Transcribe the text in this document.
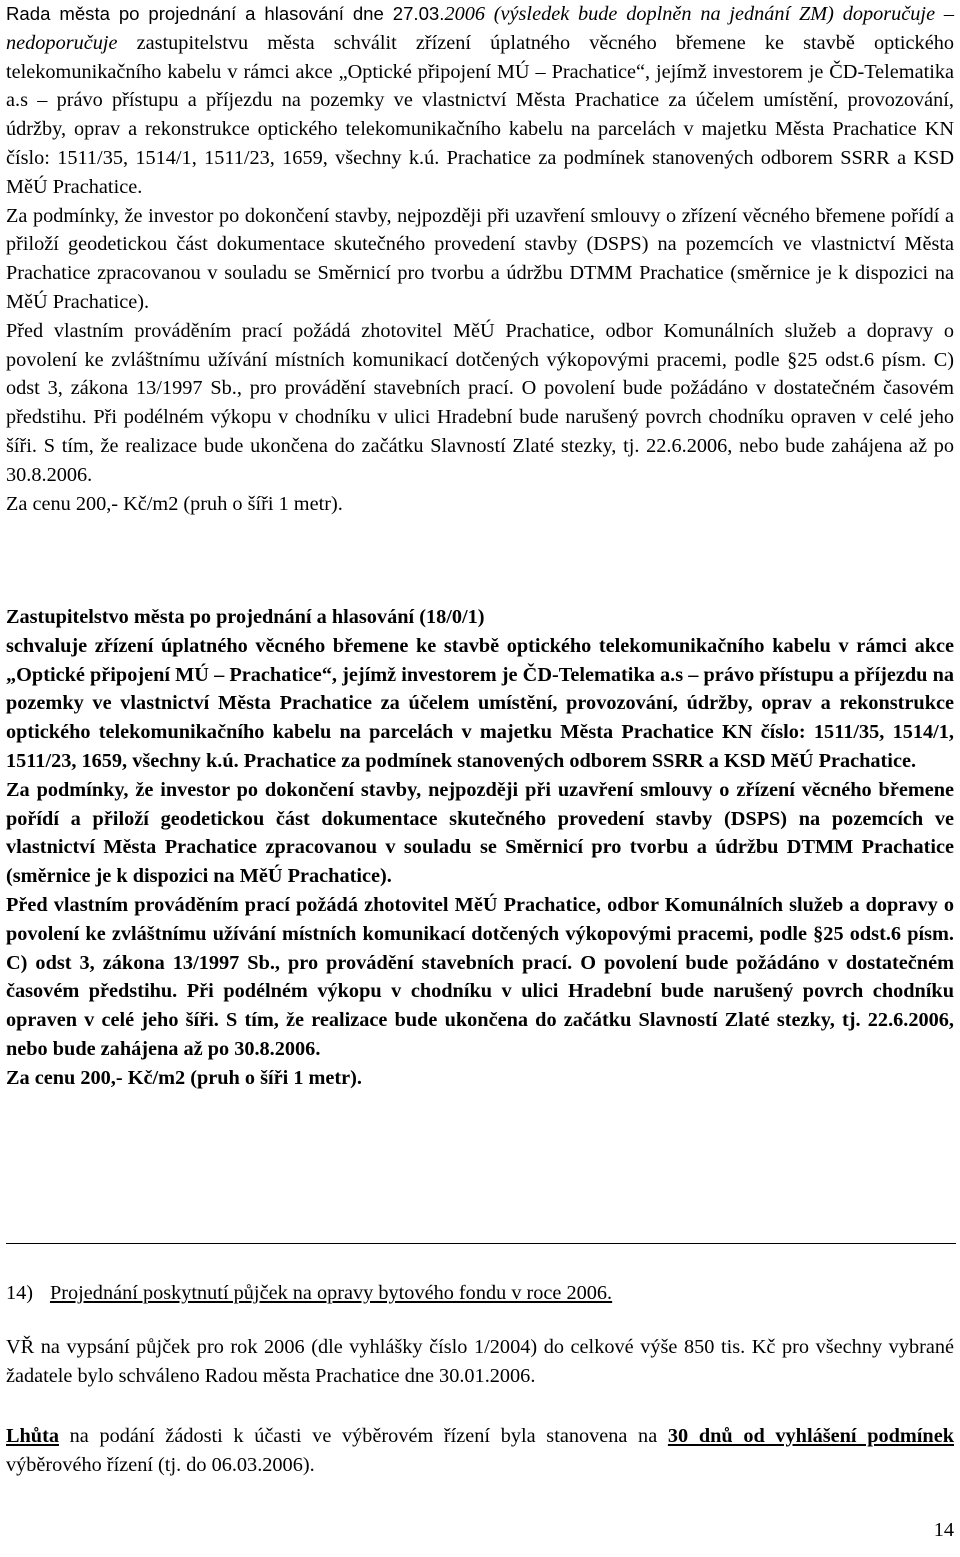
Rada města po projednání a hlasování dne 27.03.2006 (výsledek bude doplněn na jednání ZM) doporučuje – nedoporučuje zastupitelstvu města schválit zřízení úplatného věcného břemene ke stavbě optického telekomunikačního kabelu v rámci akce „Optické připojení MÚ – Prachatice“, jejímž investorem je ČD-Telematika a.s – právo přístupu a příjezdu na pozemky ve vlastnictví Města Prachatice za účelem umístění, provozování, údržby, oprav a rekonstrukce optického telekomunikačního kabelu na parcelách v majetku Města Prachatice KN číslo: 1511/35, 1514/1, 1511/23, 1659, všechny k.ú. Prachatice za podmínek stanovených odborem SSRR a KSD MěÚ Prachatice.

Za podmínky, že investor po dokončení stavby, nejpozději při uzavření smlouvy o zřízení věcného břemene pořídí a přiloží geodetickou část dokumentace skutečného provedení stavby (DSPS) na pozemcích ve vlastnictví Města Prachatice zpracovanou v souladu se Směrnicí pro tvorbu a údržbu DTMM Prachatice (směrnice je k dispozici na MěÚ Prachatice).

Před vlastním prováděním prací požádá zhotovitel MěÚ Prachatice, odbor Komunálních služeb a dopravy o povolení ke zvláštnímu užívání místních komunikací dotčených výkopovými pracemi, podle §25 odst.6 písm. C) odst 3, zákona 13/1997 Sb., pro provádění stavebních prací. O povolení bude požádáno v dostatečném časovém předstihu. Při podélném výkopu v chodníku v ulici Hradební bude narušený povrch chodníku opraven v celé jeho šíři. S tím, že realizace bude ukončena do začátku Slavností Zlaté stezky, tj. 22.6.2006, nebo bude zahájena až po 30.8.2006.

Za cenu 200,- Kč/m2 (pruh o šíři 1 metr).

Zastupitelstvo města po projednání a hlasování (18/0/1)

schvaluje zřízení úplatného věcného břemene ke stavbě optického telekomunikačního kabelu v rámci akce „Optické připojení MÚ – Prachatice“, jejímž investorem je ČD-Telematika a.s – právo přístupu a příjezdu na pozemky ve vlastnictví Města Prachatice za účelem umístění, provozování, údržby, oprav a rekonstrukce optického telekomunikačního kabelu na parcelách v majetku Města Prachatice KN číslo: 1511/35, 1514/1, 1511/23, 1659, všechny k.ú. Prachatice za podmínek stanovených odborem SSRR a KSD MěÚ Prachatice.

Za podmínky, že investor po dokončení stavby, nejpozději při uzavření smlouvy o zřízení věcného břemene pořídí a přiloží geodetickou část dokumentace skutečného provedení stavby (DSPS) na pozemcích ve vlastnictví Města Prachatice zpracovanou v souladu se Směrnicí pro tvorbu a údržbu DTMM Prachatice (směrnice je k dispozici na MěÚ Prachatice).

Před vlastním prováděním prací požádá zhotovitel MěÚ Prachatice, odbor Komunálních služeb a dopravy o povolení ke zvláštnímu užívání místních komunikací dotčených výkopovými pracemi, podle §25 odst.6 písm. C) odst 3, zákona 13/1997 Sb., pro provádění stavebních prací. O povolení bude požádáno v dostatečném časovém předstihu. Při podélném výkopu v chodníku v ulici Hradební bude narušený povrch chodníku opraven v celé jeho šíři. S tím, že realizace bude ukončena do začátku Slavností Zlaté stezky, tj. 22.6.2006, nebo bude zahájena až po 30.8.2006.

Za cenu 200,- Kč/m2 (pruh o šíři 1 metr).

14) Projednání poskytnutí půjček na opravy bytového fondu v roce 2006.

VŘ na vypsání půjček pro rok 2006 (dle vyhlášky číslo 1/2004) do celkové výše 850 tis. Kč pro všechny vybrané žadatele bylo schváleno Radou města Prachatice dne 30.01.2006.

Lhůta na podání žádosti k účasti ve výběrovém řízení byla stanovena na 30 dnů od vyhlášení podmínek výběrového řízení (tj. do 06.03.2006).

14
